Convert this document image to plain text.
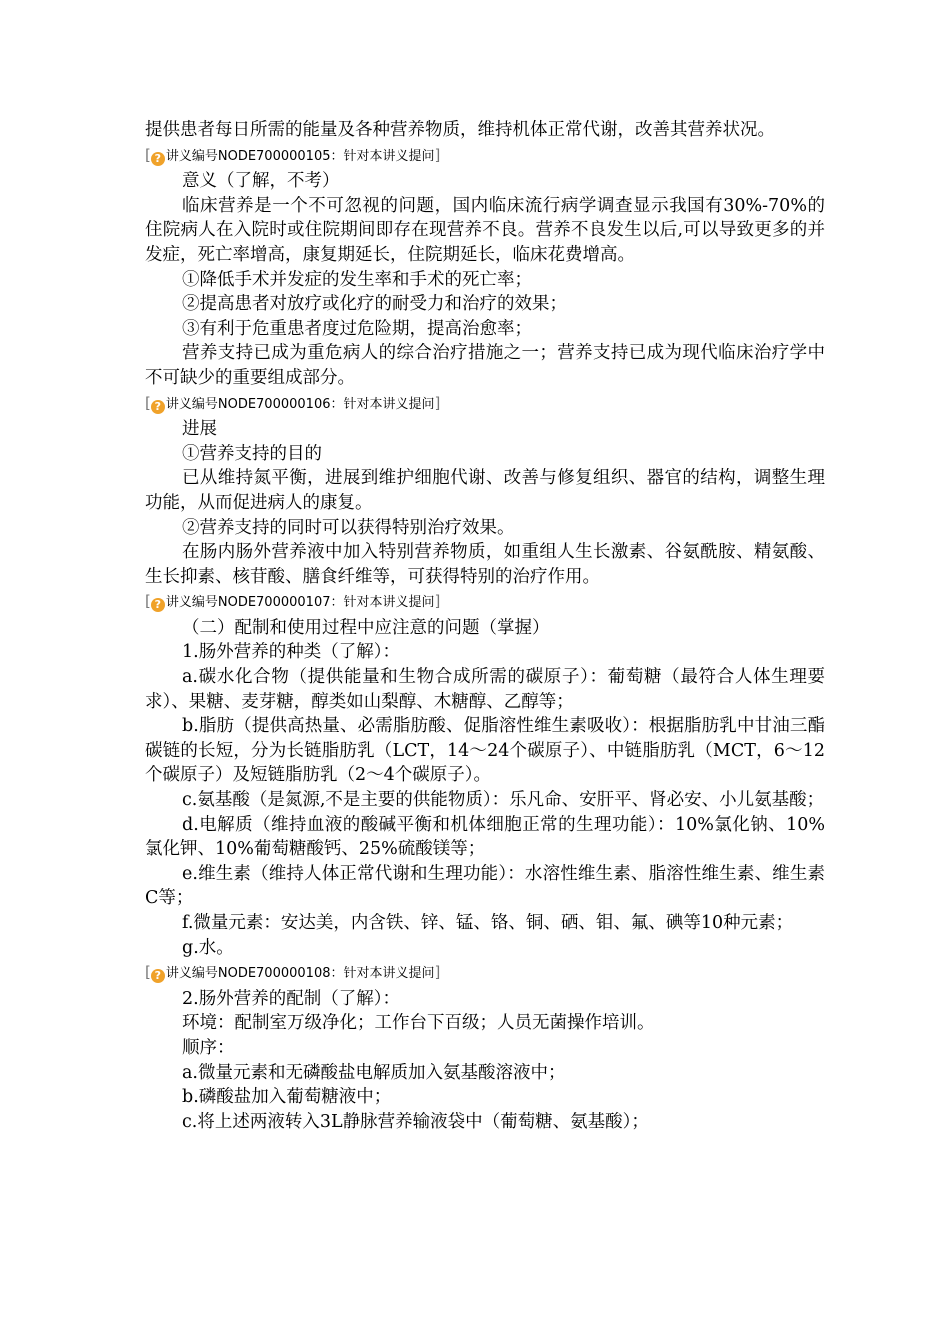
提供患者每日所需的能量及各种营养物质，维持机体正常代谢，改善其营养状况。

[ ? 讲义编号NODE700000105：针对本讲义提问]

意义（了解，不考）

临床营养是一个不可忽视的问题，国内临床流行病学调查显示我国有30%-70%的住院病人在入院时或住院期间即存在现营养不良。营养不良发生以后,可以导致更多的并发症，死亡率增高，康复期延长，住院期延长，临床花费增高。

①降低手术并发症的发生率和手术的死亡率；

②提高患者对放疗或化疗的耐受力和治疗的效果；

③有利于危重患者度过危险期，提高治愈率；

营养支持已成为重危病人的综合治疗措施之一；营养支持已成为现代临床治疗学中不可缺少的重要组成部分。

[ ? 讲义编号NODE700000106：针对本讲义提问]

进展

①营养支持的目的

已从维持氮平衡，进展到维护细胞代谢、改善与修复组织、器官的结构，调整生理功能，从而促进病人的康复。

②营养支持的同时可以获得特别治疗效果。

在肠内肠外营养液中加入特别营养物质，如重组人生长激素、谷氨酰胺、精氨酸、生长抑素、核苷酸、膳食纤维等，可获得特别的治疗作用。

[ ? 讲义编号NODE700000107：针对本讲义提问]

（二）配制和使用过程中应注意的问题（掌握）

1.肠外营养的种类（了解）：

a.碳水化合物（提供能量和生物合成所需的碳原子）：葡萄糖（最符合人体生理要求）、果糖、麦芽糖，醇类如山梨醇、木糖醇、乙醇等；

b.脂肪（提供高热量、必需脂肪酸、促脂溶性维生素吸收）：根据脂肪乳中甘油三酯碳链的长短，分为长链脂肪乳（LCT，14～24个碳原子）、中链脂肪乳（MCT，6～12个碳原子）及短链脂肪乳（2～4个碳原子）。

c.氨基酸（是氮源,不是主要的供能物质）：乐凡命、安肝平、肾必安、小儿氨基酸；

d.电解质（维持血液的酸碱平衡和机体细胞正常的生理功能）：10%氯化钠、10%氯化钾、10%葡萄糖酸钙、25%硫酸镁等；

e.维生素（维持人体正常代谢和生理功能）：水溶性维生素、脂溶性维生素、维生素C等；

f.微量元素：安达美，内含铁、锌、锰、铬、铜、硒、钼、氟、碘等10种元素；

g.水。

[ ? 讲义编号NODE700000108：针对本讲义提问]

2.肠外营养的配制（了解）：

环境：配制室万级净化；工作台下百级；人员无菌操作培训。

顺序：

a.微量元素和无磷酸盐电解质加入氨基酸溶液中；

b.磷酸盐加入葡萄糖液中；

c.将上述两液转入3L静脉营养输液袋中（葡萄糖、氨基酸）；
